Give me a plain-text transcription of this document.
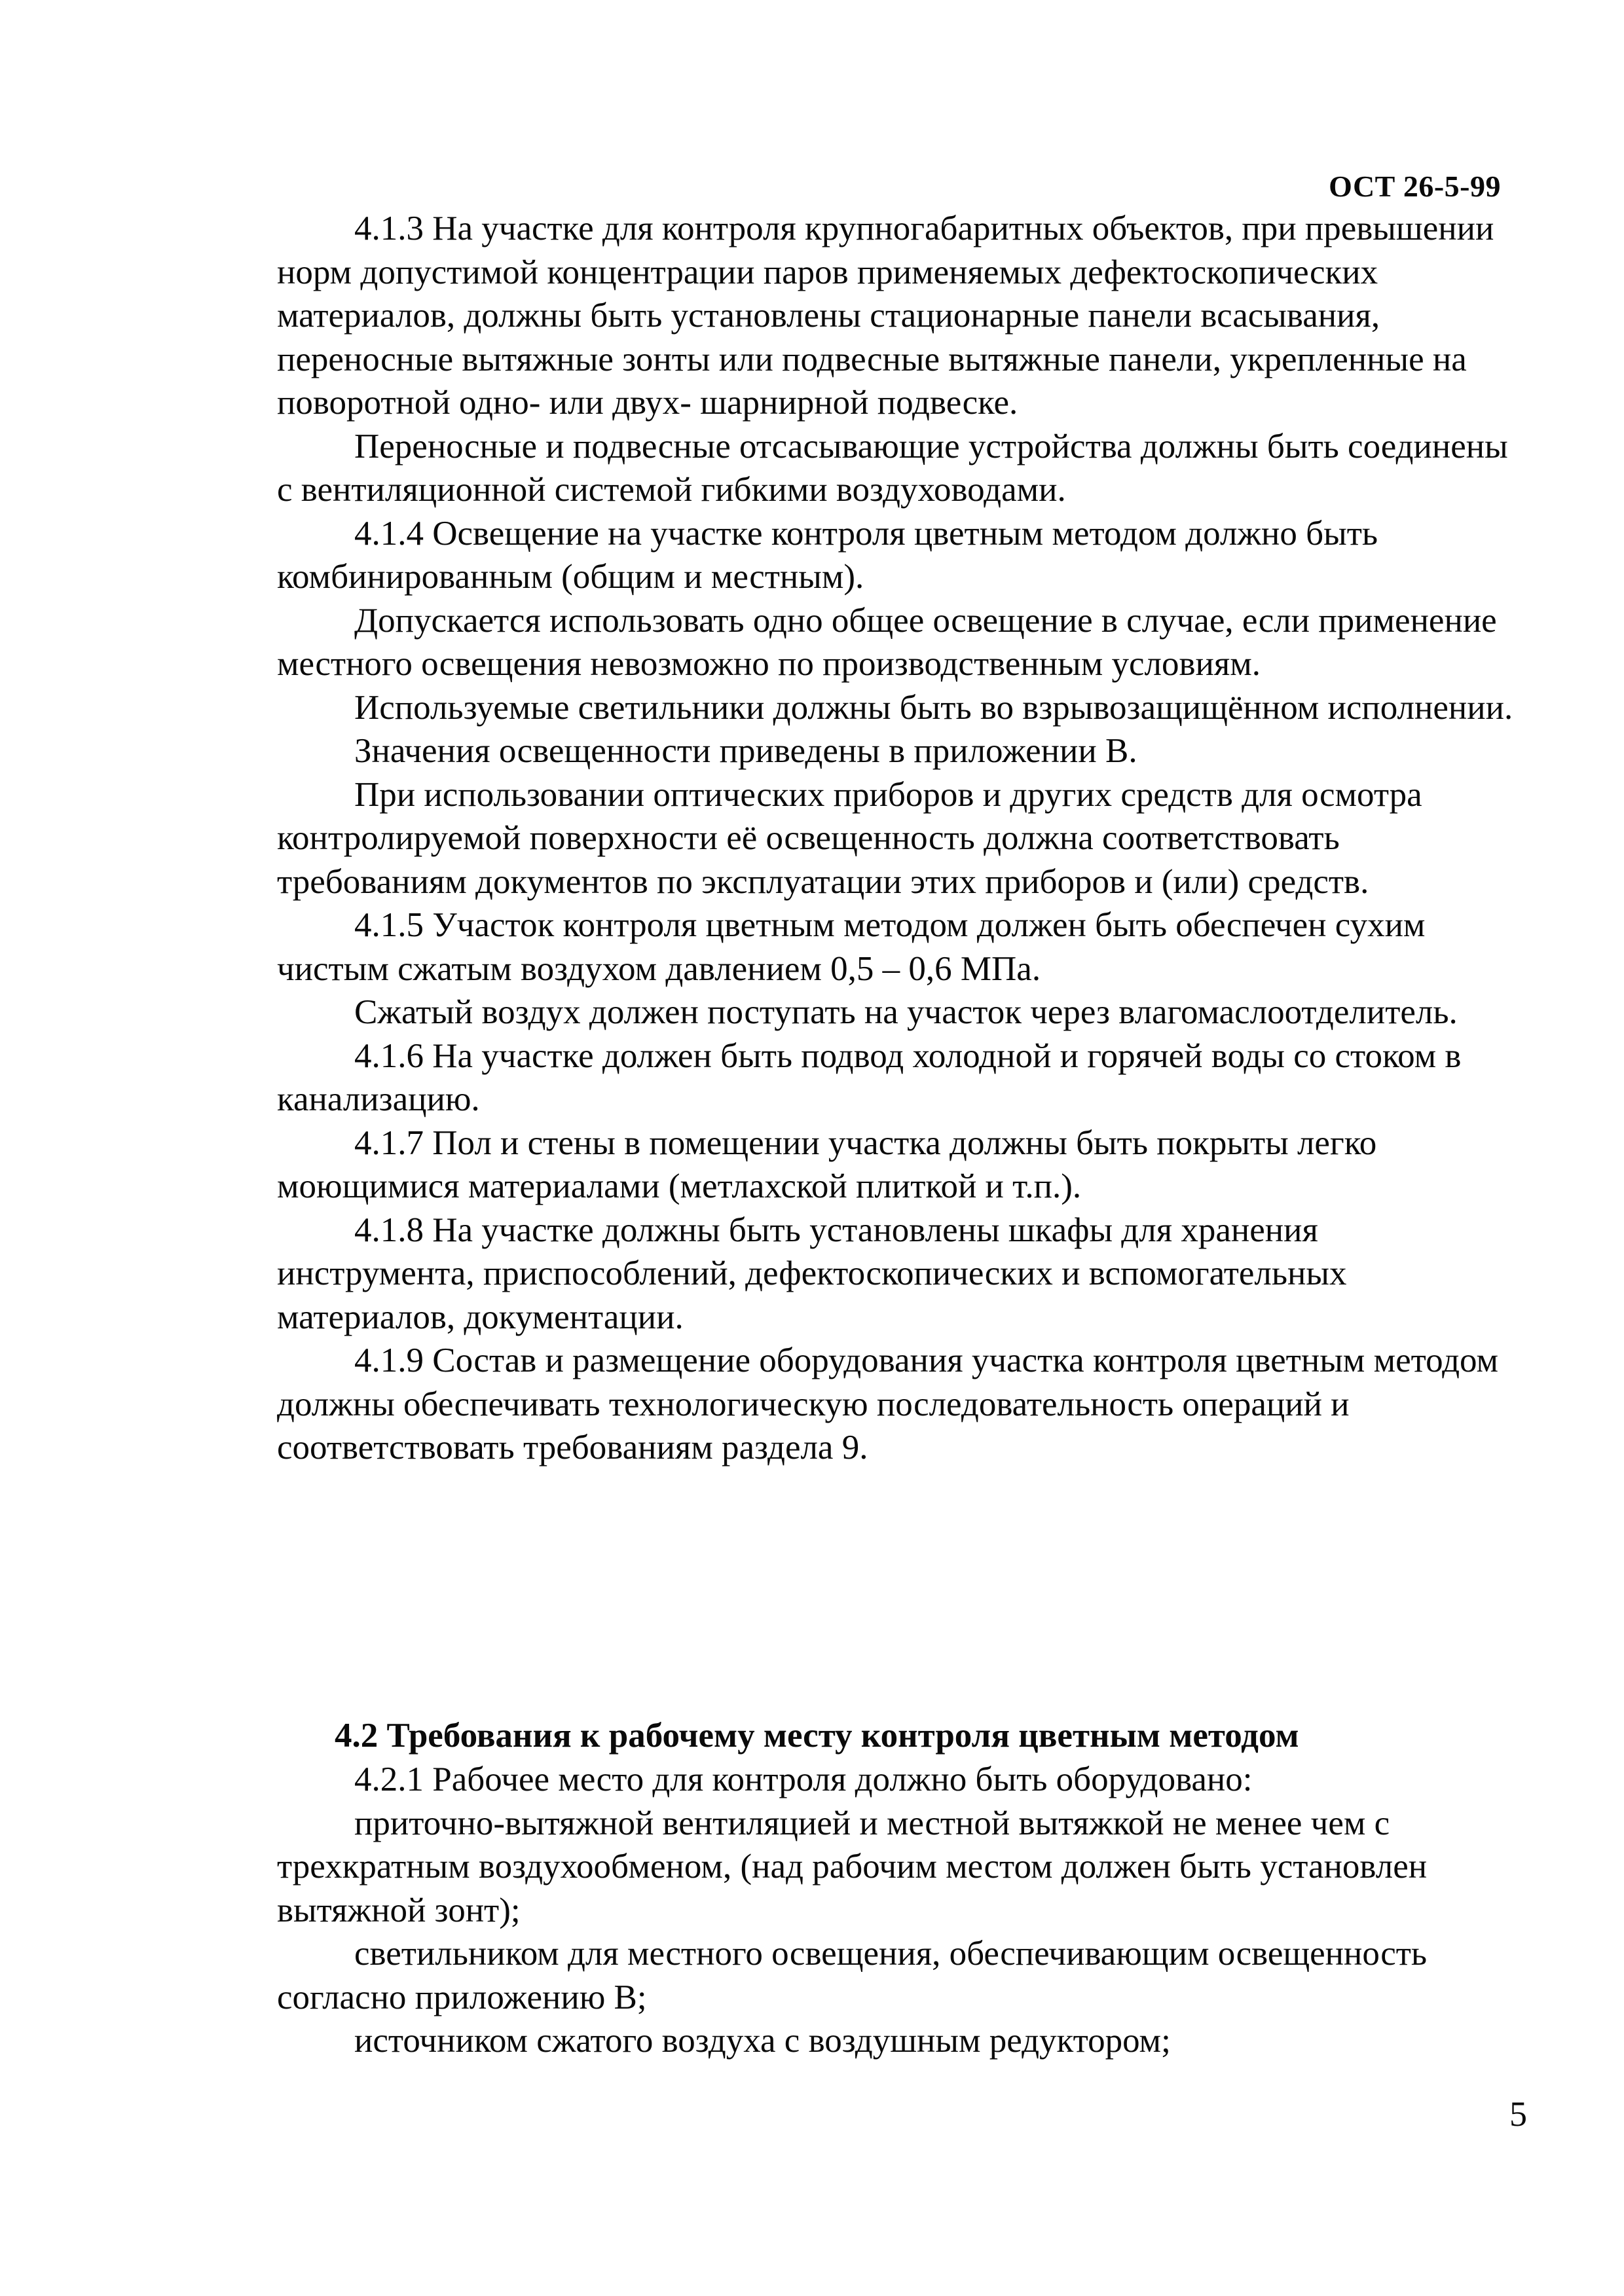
ОСТ 26-5-99

4.1.3 На участке для контроля крупногабаритных объектов, при превышении норм допустимой концентрации паров применяемых дефектоскопических материалов, должны быть установлены стационарные панели всасывания, переносные вытяжные зонты или подвесные вытяжные панели, укрепленные на поворотной одно- или двух- шарнирной подвеске.

Переносные и подвесные отсасывающие устройства должны быть соединены с вентиляционной системой гибкими воздуховодами.

4.1.4 Освещение на участке контроля цветным методом должно быть комбинированным (общим и местным).

Допускается использовать одно общее освещение в случае, если применение местного освещения невозможно по производственным условиям.

Используемые светильники должны быть во взрывозащищённом исполнении.

Значения освещенности приведены в приложении В.

При использовании оптических приборов и других средств для осмотра контролируемой поверхности её освещенность должна соответствовать требованиям документов по эксплуатации этих приборов и (или) средств.

4.1.5 Участок контроля цветным методом должен быть обеспечен сухим чистым сжатым воздухом давлением 0,5 – 0,6 МПа.

Сжатый воздух должен поступать на участок через влагомаслоотделитель.

4.1.6 На участке должен быть подвод холодной и горячей воды со стоком в канализацию.

4.1.7 Пол и стены в помещении участка должны быть покрыты легко моющимися материалами (метлахской плиткой и т.п.).

4.1.8 На участке должны быть установлены шкафы для хранения инструмента, приспособлений, дефектоскопических и вспомогательных материалов, документации.

4.1.9 Состав и размещение оборудования участка контроля цветным методом должны обеспечивать технологическую последовательность операций и соответствовать требованиям раздела 9.

4.2 Требования к рабочему месту контроля цветным методом

4.2.1 Рабочее место для контроля должно быть оборудовано:

приточно-вытяжной вентиляцией и местной вытяжкой не менее чем с трехкратным воздухообменом, (над рабочим местом должен быть установлен вытяжной зонт);

светильником для местного освещения, обеспечивающим освещенность согласно приложению В;

источником сжатого воздуха с воздушным редуктором;

5
